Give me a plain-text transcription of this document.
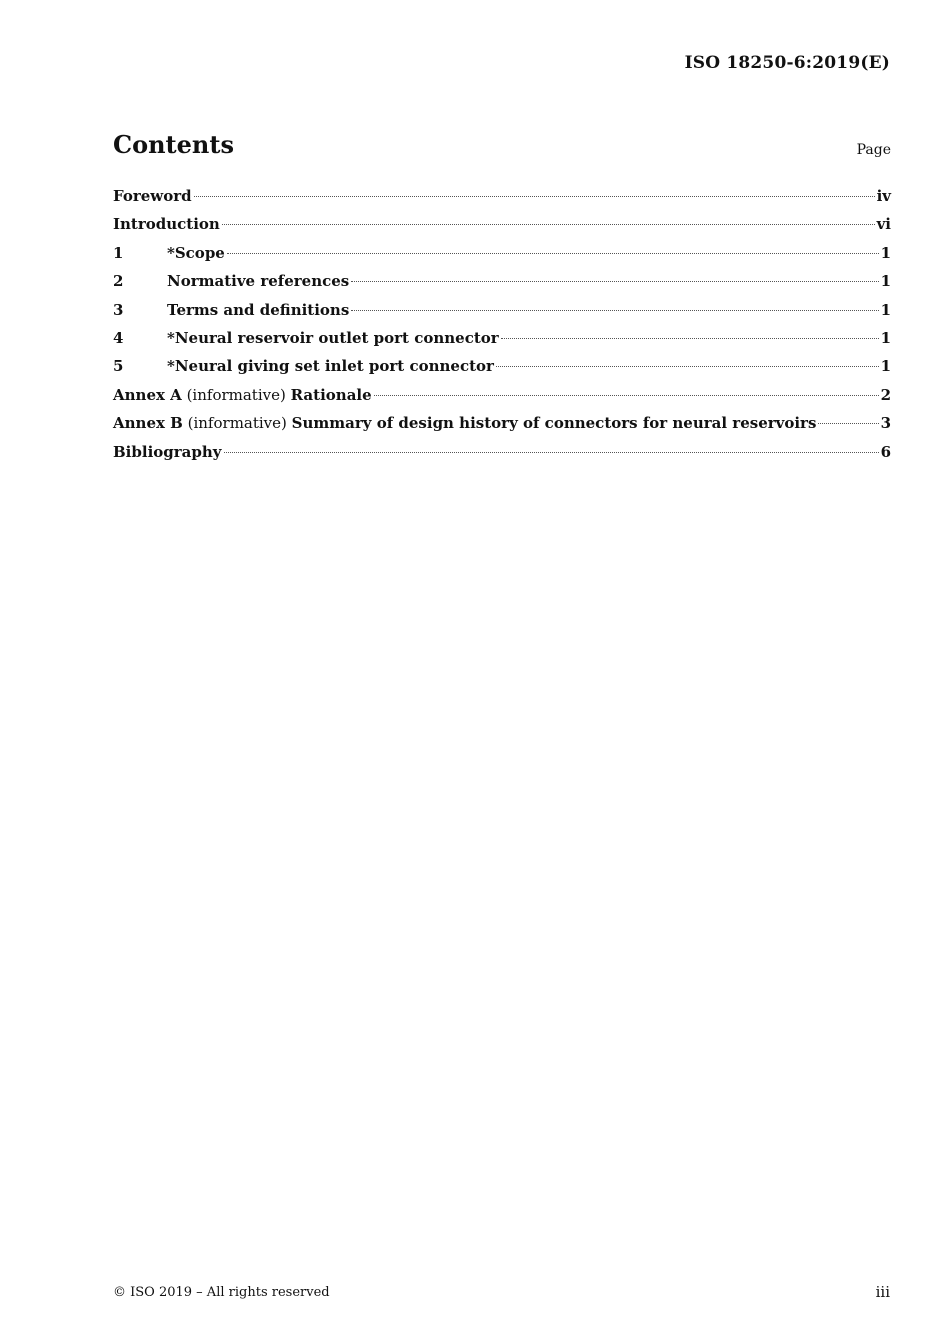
ISO 18250-6:2019(E)
Contents	Page
Foreword	iv
Introduction	vi
1	*Scope	1
2	Normative references	1
3	Terms and definitions	1
4	*Neural reservoir outlet port connector	1
5	*Neural giving set inlet port connector	1
Annex A (informative) Rationale	2
Annex B (informative) Summary of design history of connectors for neural reservoirs	3
Bibliography	6
© ISO 2019 – All rights reserved	iii
